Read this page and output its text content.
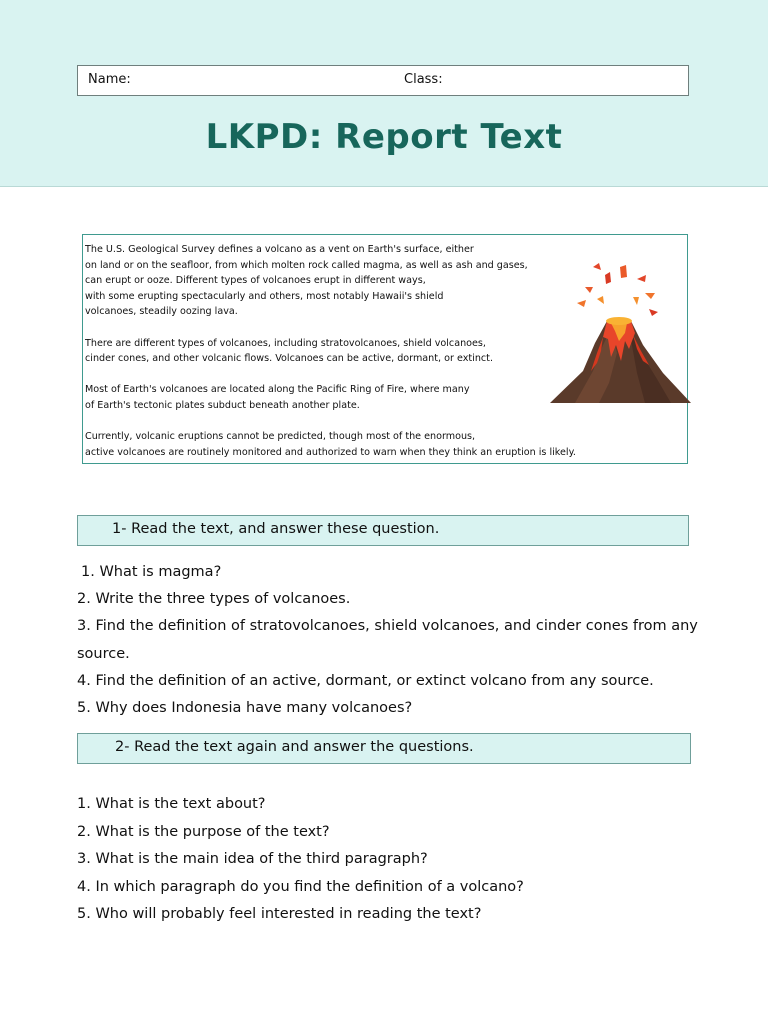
Name:	Class:
LKPD: Report Text

The U.S. Geological Survey defines a volcano as a vent on Earth's surface, either
on land or on the seafloor, from which molten rock called magma, as well as ash and gases,
can erupt or ooze. Different types of volcanoes erupt in different ways,
with some erupting spectacularly and others, most notably Hawaii's shield
volcanoes, steadily oozing lava.

There are different types of volcanoes, including stratovolcanoes, shield volcanoes,
cinder cones, and other volcanic flows. Volcanoes can be active, dormant, or extinct.

Most of Earth's volcanoes are located along the Pacific Ring of Fire, where many
of Earth's tectonic plates subduct beneath another plate.

Currently, volcanic eruptions cannot be predicted, though most of the enormous,
active volcanoes are routinely monitored and authorized to warn when they think an eruption is likely.

1- Read the text, and answer these question.
1. What is magma?
2. Write the three types of volcanoes.
3. Find the definition of stratovolcanoes, shield volcanoes, and cinder cones from any
source.
4. Find the definition of an active, dormant, or extinct volcano from any source.
5. Why does Indonesia have many volcanoes?
2- Read the text again and answer the questions.
1. What is the text about?
2. What is the purpose of the text?
3. What is the main idea of the third paragraph?
4. In which paragraph do you find the definition of a volcano?
5. Who will probably feel interested in reading the text?
